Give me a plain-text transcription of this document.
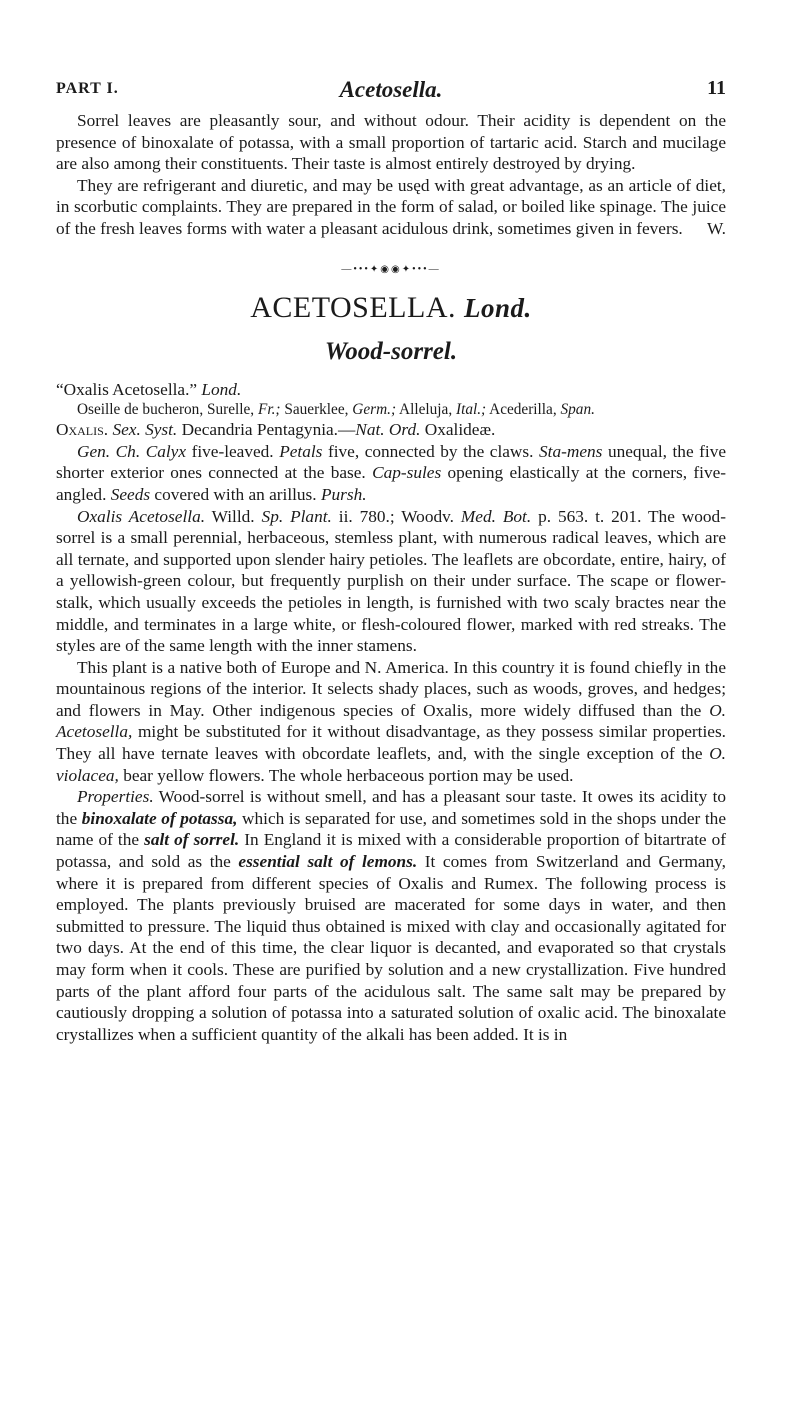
PART I.	Acetosella.	11

Sorrel leaves are pleasantly sour, and without odour. Their acidity is dependent on the presence of binoxalate of potassa, with a small proportion of tartaric acid. Starch and mucilage are also among their constituents. Their taste is almost entirely destroyed by drying.

They are refrigerant and diuretic, and may be usęd with great advantage, as an article of diet, in scorbutic complaints. They are prepared in the form of salad, or boiled like spinage. The juice of the fresh leaves forms with water a pleasant acidulous drink, sometimes given in fevers.	W.

—•••✦◉◉✦•••—
ACETOSELLA. Lond.
Wood-sorrel.

“Oxalis Acetosella.” Lond.

Oseille de bucheron, Surelle, Fr.; Sauerklee, Germ.; Alleluja, Ital.; Acederilla, Span.

Oxalis. Sex. Syst. Decandria Pentagynia.—Nat. Ord. Oxalideæ.

Gen. Ch. Calyx five-leaved. Petals five, connected by the claws. Sta-mens unequal, the five shorter exterior ones connected at the base. Cap-sules opening elastically at the corners, five-angled. Seeds covered with an arillus. Pursh.

Oxalis Acetosella. Willd. Sp. Plant. ii. 780.; Woodv. Med. Bot. p. 563. t. 201. The wood-sorrel is a small perennial, herbaceous, stemless plant, with numerous radical leaves, which are all ternate, and supported upon slender hairy petioles. The leaflets are obcordate, entire, hairy, of a yellowish-green colour, but frequently purplish on their under surface. The scape or flower-stalk, which usually exceeds the petioles in length, is furnished with two scaly bractes near the middle, and terminates in a large white, or flesh-coloured flower, marked with red streaks. The styles are of the same length with the inner stamens.

This plant is a native both of Europe and N. America. In this country it is found chiefly in the mountainous regions of the interior. It selects shady places, such as woods, groves, and hedges; and flowers in May. Other indigenous species of Oxalis, more widely diffused than the O. Acetosella, might be substituted for it without disadvantage, as they possess similar properties. They all have ternate leaves with obcordate leaflets, and, with the single exception of the O. violacea, bear yellow flowers. The whole herbaceous portion may be used.

Properties. Wood-sorrel is without smell, and has a pleasant sour taste. It owes its acidity to the binoxalate of potassa, which is separated for use, and sometimes sold in the shops under the name of the salt of sorrel. In England it is mixed with a considerable proportion of bitartrate of potassa, and sold as the essential salt of lemons. It comes from Switzerland and Germany, where it is prepared from different species of Oxalis and Rumex. The following process is employed. The plants previously bruised are macerated for some days in water, and then submitted to pressure. The liquid thus obtained is mixed with clay and occasionally agitated for two days. At the end of this time, the clear liquor is decanted, and evaporated so that crystals may form when it cools. These are purified by solution and a new crystallization. Five hundred parts of the plant afford four parts of the acidulous salt. The same salt may be prepared by cautiously dropping a solution of potassa into a saturated solution of oxalic acid. The binoxalate crystallizes when a sufficient quantity of the alkali has been added. It is in
